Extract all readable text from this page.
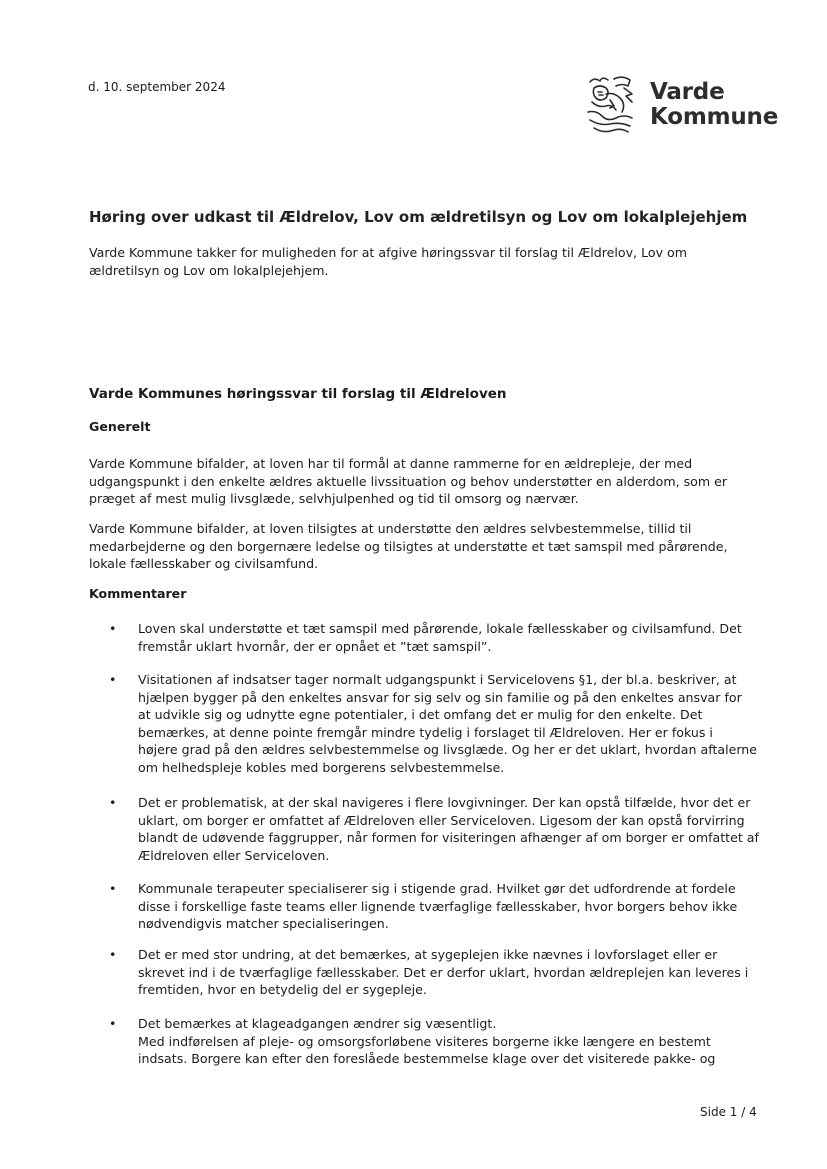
d. 10. september 2024	Varde
Kommune
Høring over udkast til Ældrelov, Lov om ældretilsyn og Lov om lokalplejehjem
Varde Kommune takker for muligheden for at afgive høringssvar til forslag til Ældrelov, Lov om
ældretilsyn og Lov om lokalplejehjem.
Varde Kommunes høringssvar til forslag til Ældreloven
Generelt
Varde Kommune bifalder, at loven har til formål at danne rammerne for en ældrepleje, der med
udgangspunkt i den enkelte ældres aktuelle livssituation og behov understøtter en alderdom, som er
præget af mest mulig livsglæde, selvhjulpenhed og tid til omsorg og nærvær.
Varde Kommune bifalder, at loven tilsigtes at understøtte den ældres selvbestemmelse, tillid til
medarbejderne og den borgernære ledelse og tilsigtes at understøtte et tæt samspil med pårørende,
lokale fællesskaber og civilsamfund.
Kommentarer
• Loven skal understøtte et tæt samspil med pårørende, lokale fællesskaber og civilsamfund. Det
fremstår uklart hvornår, der er opnået et ”tæt samspil”.
• Visitationen af indsatser tager normalt udgangspunkt i Servicelovens §1, der bl.a. beskriver, at
hjælpen bygger på den enkeltes ansvar for sig selv og sin familie og på den enkeltes ansvar for
at udvikle sig og udnytte egne potentialer, i det omfang det er mulig for den enkelte. Det
bemærkes, at denne pointe fremgår mindre tydelig i forslaget til Ældreloven. Her er fokus i
højere grad på den ældres selvbestemmelse og livsglæde. Og her er det uklart, hvordan aftalerne
om helhedspleje kobles med borgerens selvbestemmelse.
• Det er problematisk, at der skal navigeres i flere lovgivninger. Der kan opstå tilfælde, hvor det er
uklart, om borger er omfattet af Ældreloven eller Serviceloven. Ligesom der kan opstå forvirring
blandt de udøvende faggrupper, når formen for visiteringen afhænger af om borger er omfattet af
Ældreloven eller Serviceloven.
• Kommunale terapeuter specialiserer sig i stigende grad. Hvilket gør det udfordrende at fordele
disse i forskellige faste teams eller lignende tværfaglige fællesskaber, hvor borgers behov ikke
nødvendigvis matcher specialiseringen.
• Det er med stor undring, at det bemærkes, at sygeplejen ikke nævnes i lovforslaget eller er
skrevet ind i de tværfaglige fællesskaber. Det er derfor uklart, hvordan ældreplejen kan leveres i
fremtiden, hvor en betydelig del er sygepleje.
• Det bemærkes at klageadgangen ændrer sig væsentligt.
Med indførelsen af pleje- og omsorgsforløbene visiteres borgerne ikke længere en bestemt
indsats. Borgere kan efter den foreslåede bestemmelse klage over det visiterede pakke- og
Side 1 / 4
